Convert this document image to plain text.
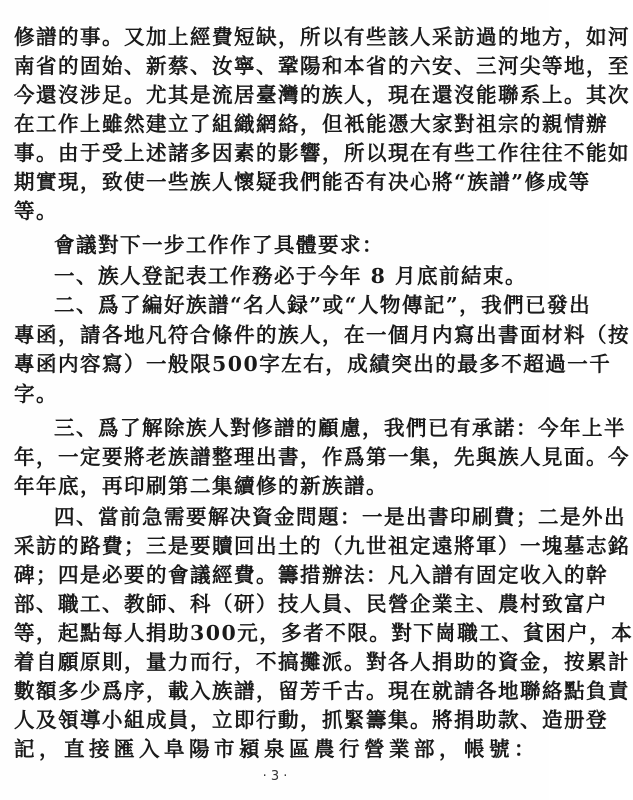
修譜的事。又加上經費短缺，所以有些該人采訪過的地方，如河
南省的固始、新蔡、汝寧、鞏陽和本省的六安、三河尖等地，至
今還沒涉足。尤其是流居臺灣的族人，現在還沒能聯系上。其次
在工作上雖然建立了組織網絡，但衹能憑大家對祖宗的親情辦
事。由于受上述諸多因素的影響，所以現在有些工作往往不能如
期實現，致使一些族人懷疑我們能否有决心將“族譜”修成等
等。
會議對下一步工作作了具體要求：
一、族人登記表工作務必于今年 8 月底前結束。
二、爲了編好族譜“名人録”或“人物傳記”，我們已發出
專函，請各地凡符合條件的族人，在一個月内寫出書面材料（按
專函内容寫）一般限500字左右，成績突出的最多不超過一千
字。
三、爲了解除族人對修譜的顧慮，我們已有承諾：今年上半
年，一定要將老族譜整理出書，作爲第一集，先與族人見面。今
年年底，再印刷第二集續修的新族譜。
四、當前急需要解决資金問題：一是出書印刷費；二是外出
采訪的路費；三是要贖回出土的（九世祖定遠將軍）一塊墓志銘
碑；四是必要的會議經費。籌措辦法：凡入譜有固定收入的幹
部、職工、教師、科（研）技人員、民營企業主、農村致富户
等，起點每人捐助300元，多者不限。對下崗職工、貧困户，本
着自願原則，量力而行，不搞攤派。對各人捐助的資金，按累計
數額多少爲序，載入族譜，留芳千古。現在就請各地聯絡點負責
人及領導小組成員，立即行動，抓緊籌集。將捐助款、造册登
記，直接匯入阜陽市潁泉區農行營業部，帳號：
· 3 ·
